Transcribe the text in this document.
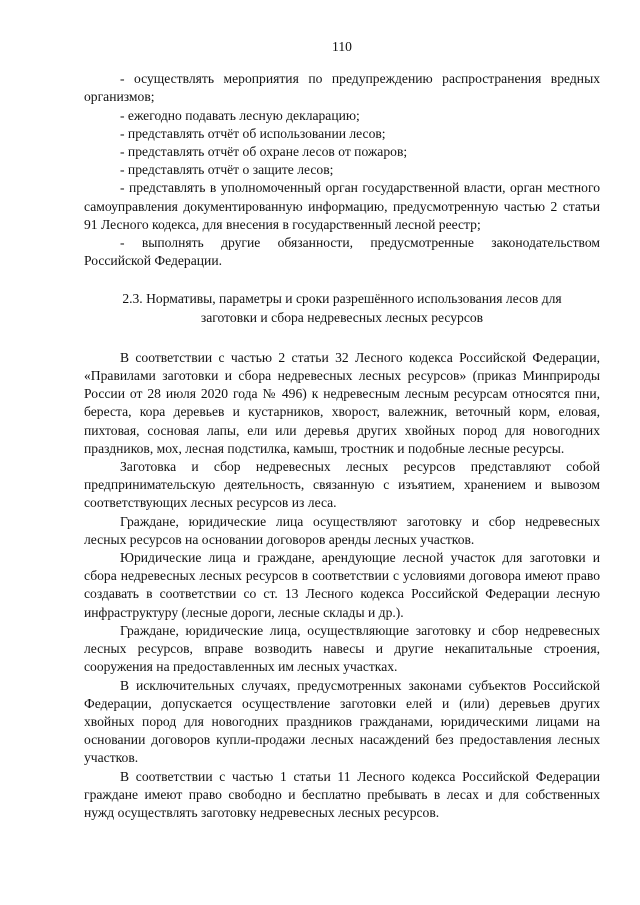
110

- осуществлять мероприятия по предупреждению распространения вредных организмов;

- ежегодно подавать лесную декларацию;

- представлять отчёт об использовании лесов;

- представлять отчёт об охране лесов от пожаров;

- представлять отчёт о защите лесов;

- представлять в уполномоченный орган государственной власти, орган местного самоуправления документированную информацию, предусмотренную частью 2 статьи 91 Лесного кодекса, для внесения в государственный лесной реестр;

- выполнять другие обязанности, предусмотренные законодательством Российской Федерации.

2.3. Нормативы, параметры и сроки разрешённого использования лесов для
заготовки и сбора недревесных лесных ресурсов

В соответствии с частью 2 статьи 32 Лесного кодекса Российской Федерации, «Правилами заготовки и сбора недревесных лесных ресурсов» (приказ Минприроды России от 28 июля 2020 года № 496) к недревесным лесным ресурсам относятся пни, береста, кора деревьев и кустарников, хворост, валежник, веточный корм, еловая, пихтовая, сосновая лапы, ели или деревья других хвойных пород для новогодних праздников, мох, лесная подстилка, камыш, тростник и подобные лесные ресурсы.

Заготовка и сбор недревесных лесных ресурсов представляют собой предпринимательскую деятельность, связанную с изъятием, хранением и вывозом соответствующих лесных ресурсов из леса.

Граждане, юридические лица осуществляют заготовку и сбор недревесных лесных ресурсов на основании договоров аренды лесных участков.

Юридические лица и граждане, арендующие лесной участок для заготовки и сбора недревесных лесных ресурсов в соответствии с условиями договора имеют право создавать в соответствии со ст. 13 Лесного кодекса Российской Федерации лесную инфраструктуру (лесные дороги, лесные склады и др.).

Граждане, юридические лица, осуществляющие заготовку и сбор недревесных лесных ресурсов, вправе возводить навесы и другие некапитальные строения, сооружения на предоставленных им лесных участках.

В исключительных случаях, предусмотренных законами субъектов Российской Федерации, допускается осуществление заготовки елей и (или) деревьев других хвойных пород для новогодних праздников гражданами, юридическими лицами на основании договоров купли-продажи лесных насаждений без предоставления лесных участков.

В соответствии с частью 1 статьи 11 Лесного кодекса Российской Федерации граждане имеют право свободно и бесплатно пребывать в лесах и для собственных нужд осуществлять заготовку недревесных лесных ресурсов.
